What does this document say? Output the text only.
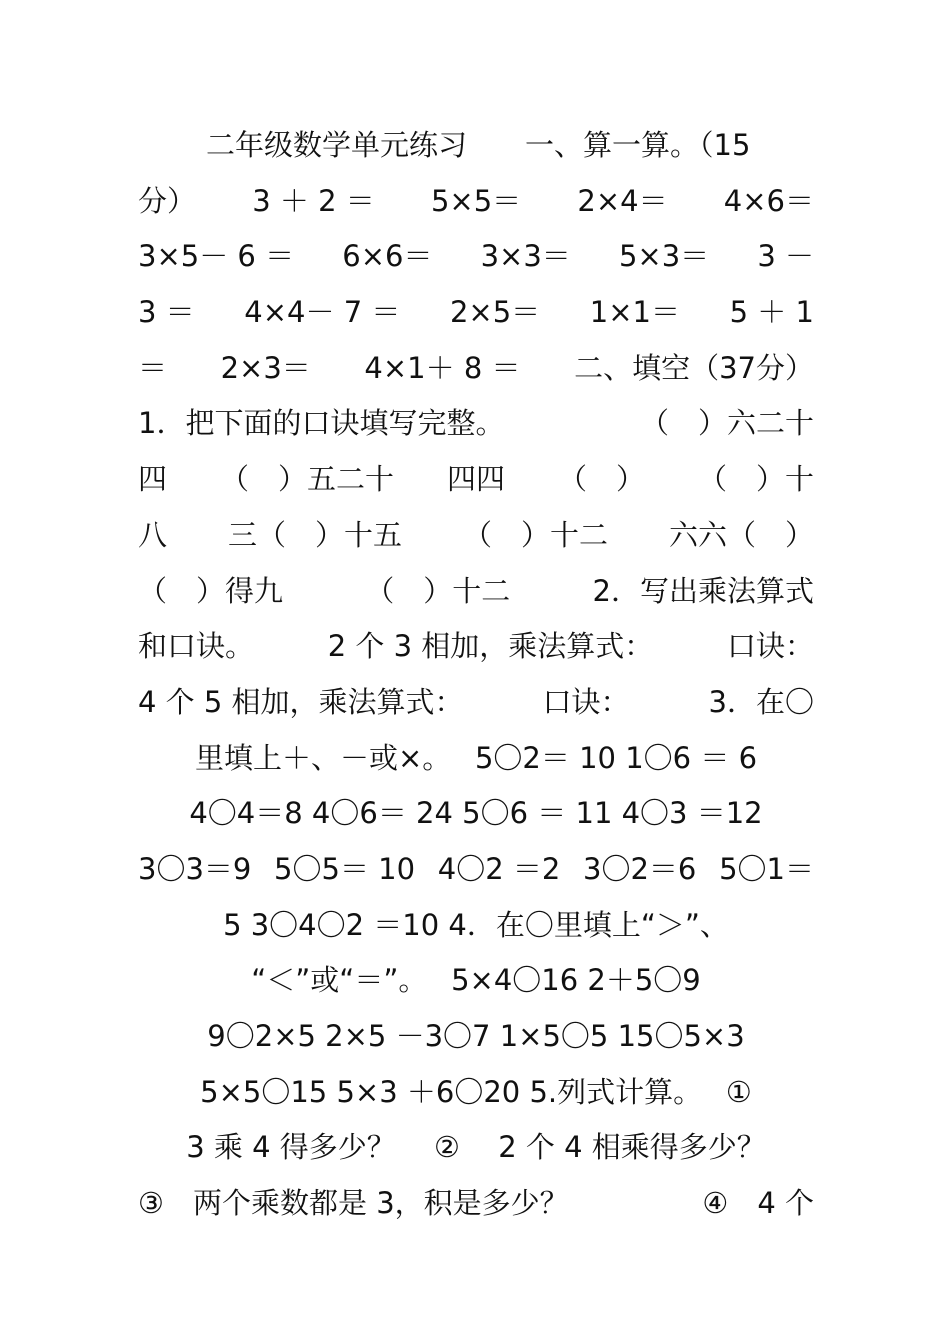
二年级数学单元练习 一、算一算。（15
分） 3 ＋ 2 ＝ 5×5＝ 2×4＝ 4×6＝
3×5－ 6 ＝ 6×6＝ 3×3＝ 5×3＝ 3 －
3 ＝ 4×4－ 7 ＝ 2×5＝ 1×1＝ 5 ＋ 1
＝ 2×3＝ 4×1＋ 8 ＝ 二、填空（37分）
1．把下面的口诀填写完整。	（　）六二十
四 （　）五二十 四四 （　） （　）十
八 三（　）十五 （　）十二 六六（　）
（　）得九	（　）十二	2．写出乘法算式
和口诀。	2 个 3 相加，乘法算式：	口诀：
4 个 5 相加，乘法算式：	口诀：	3．在〇
里填上＋、－或×。　 5〇2＝ 10 1〇6 ＝ 6
4〇4＝8 4〇6＝ 24 5〇6 ＝ 11 4〇3 ＝12
3〇3＝9 5〇5＝ 10 4〇2 ＝2 3〇2＝6 5〇1＝
5 3〇4〇2 ＝10 4．在〇里填上“＞”、
“＜”或“＝”。　 5×4〇16 2＋5〇9
9〇2×5 2×5 －3〇7 1×5〇5 15〇5×3
5×5〇15 5×3 ＋6〇20 5.列式计算。　 ①
3 乘 4 得多少？　 ②　 2 个 4 相乘得多少？
③　两个乘数都是 3，积是多少？	④　4 个
